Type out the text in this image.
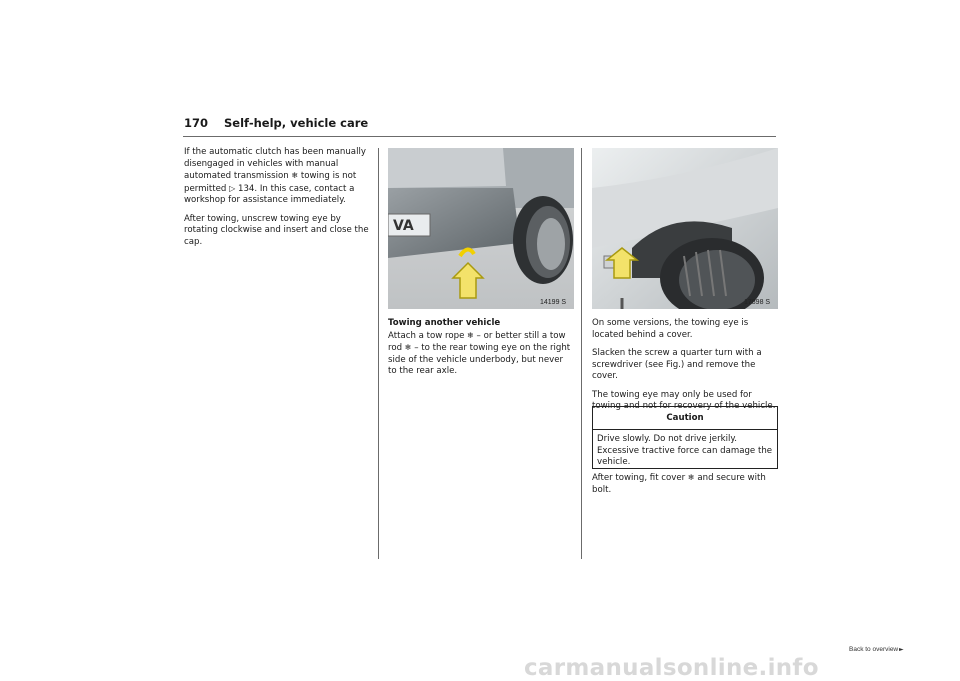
170 Self-help, vehicle care

If the automatic clutch has been manually disengaged in vehicles with manual automated transmission ❄ towing is not permitted ▷ 134. In this case, contact a workshop for assistance immediately.

After towing, unscrew towing eye by rotating clockwise and insert and close the cap.

VA
14199 S	17898 S

Towing another vehicle
Attach a tow rope ❄ – or better still a tow rod ❄ – to the rear towing eye on the right side of the vehicle underbody, but never to the rear axle.

On some versions, the towing eye is located behind a cover.

Slacken the screw a quarter turn with a screwdriver (see Fig.) and remove the cover.

The towing eye may only be used for towing and not for recovery of the vehicle.

Caution
Drive slowly. Do not drive jerkily. Excessive tractive force can damage the vehicle.

After towing, fit cover ❄ and secure with bolt.

Back to overview ►
carmanualsonline.info
